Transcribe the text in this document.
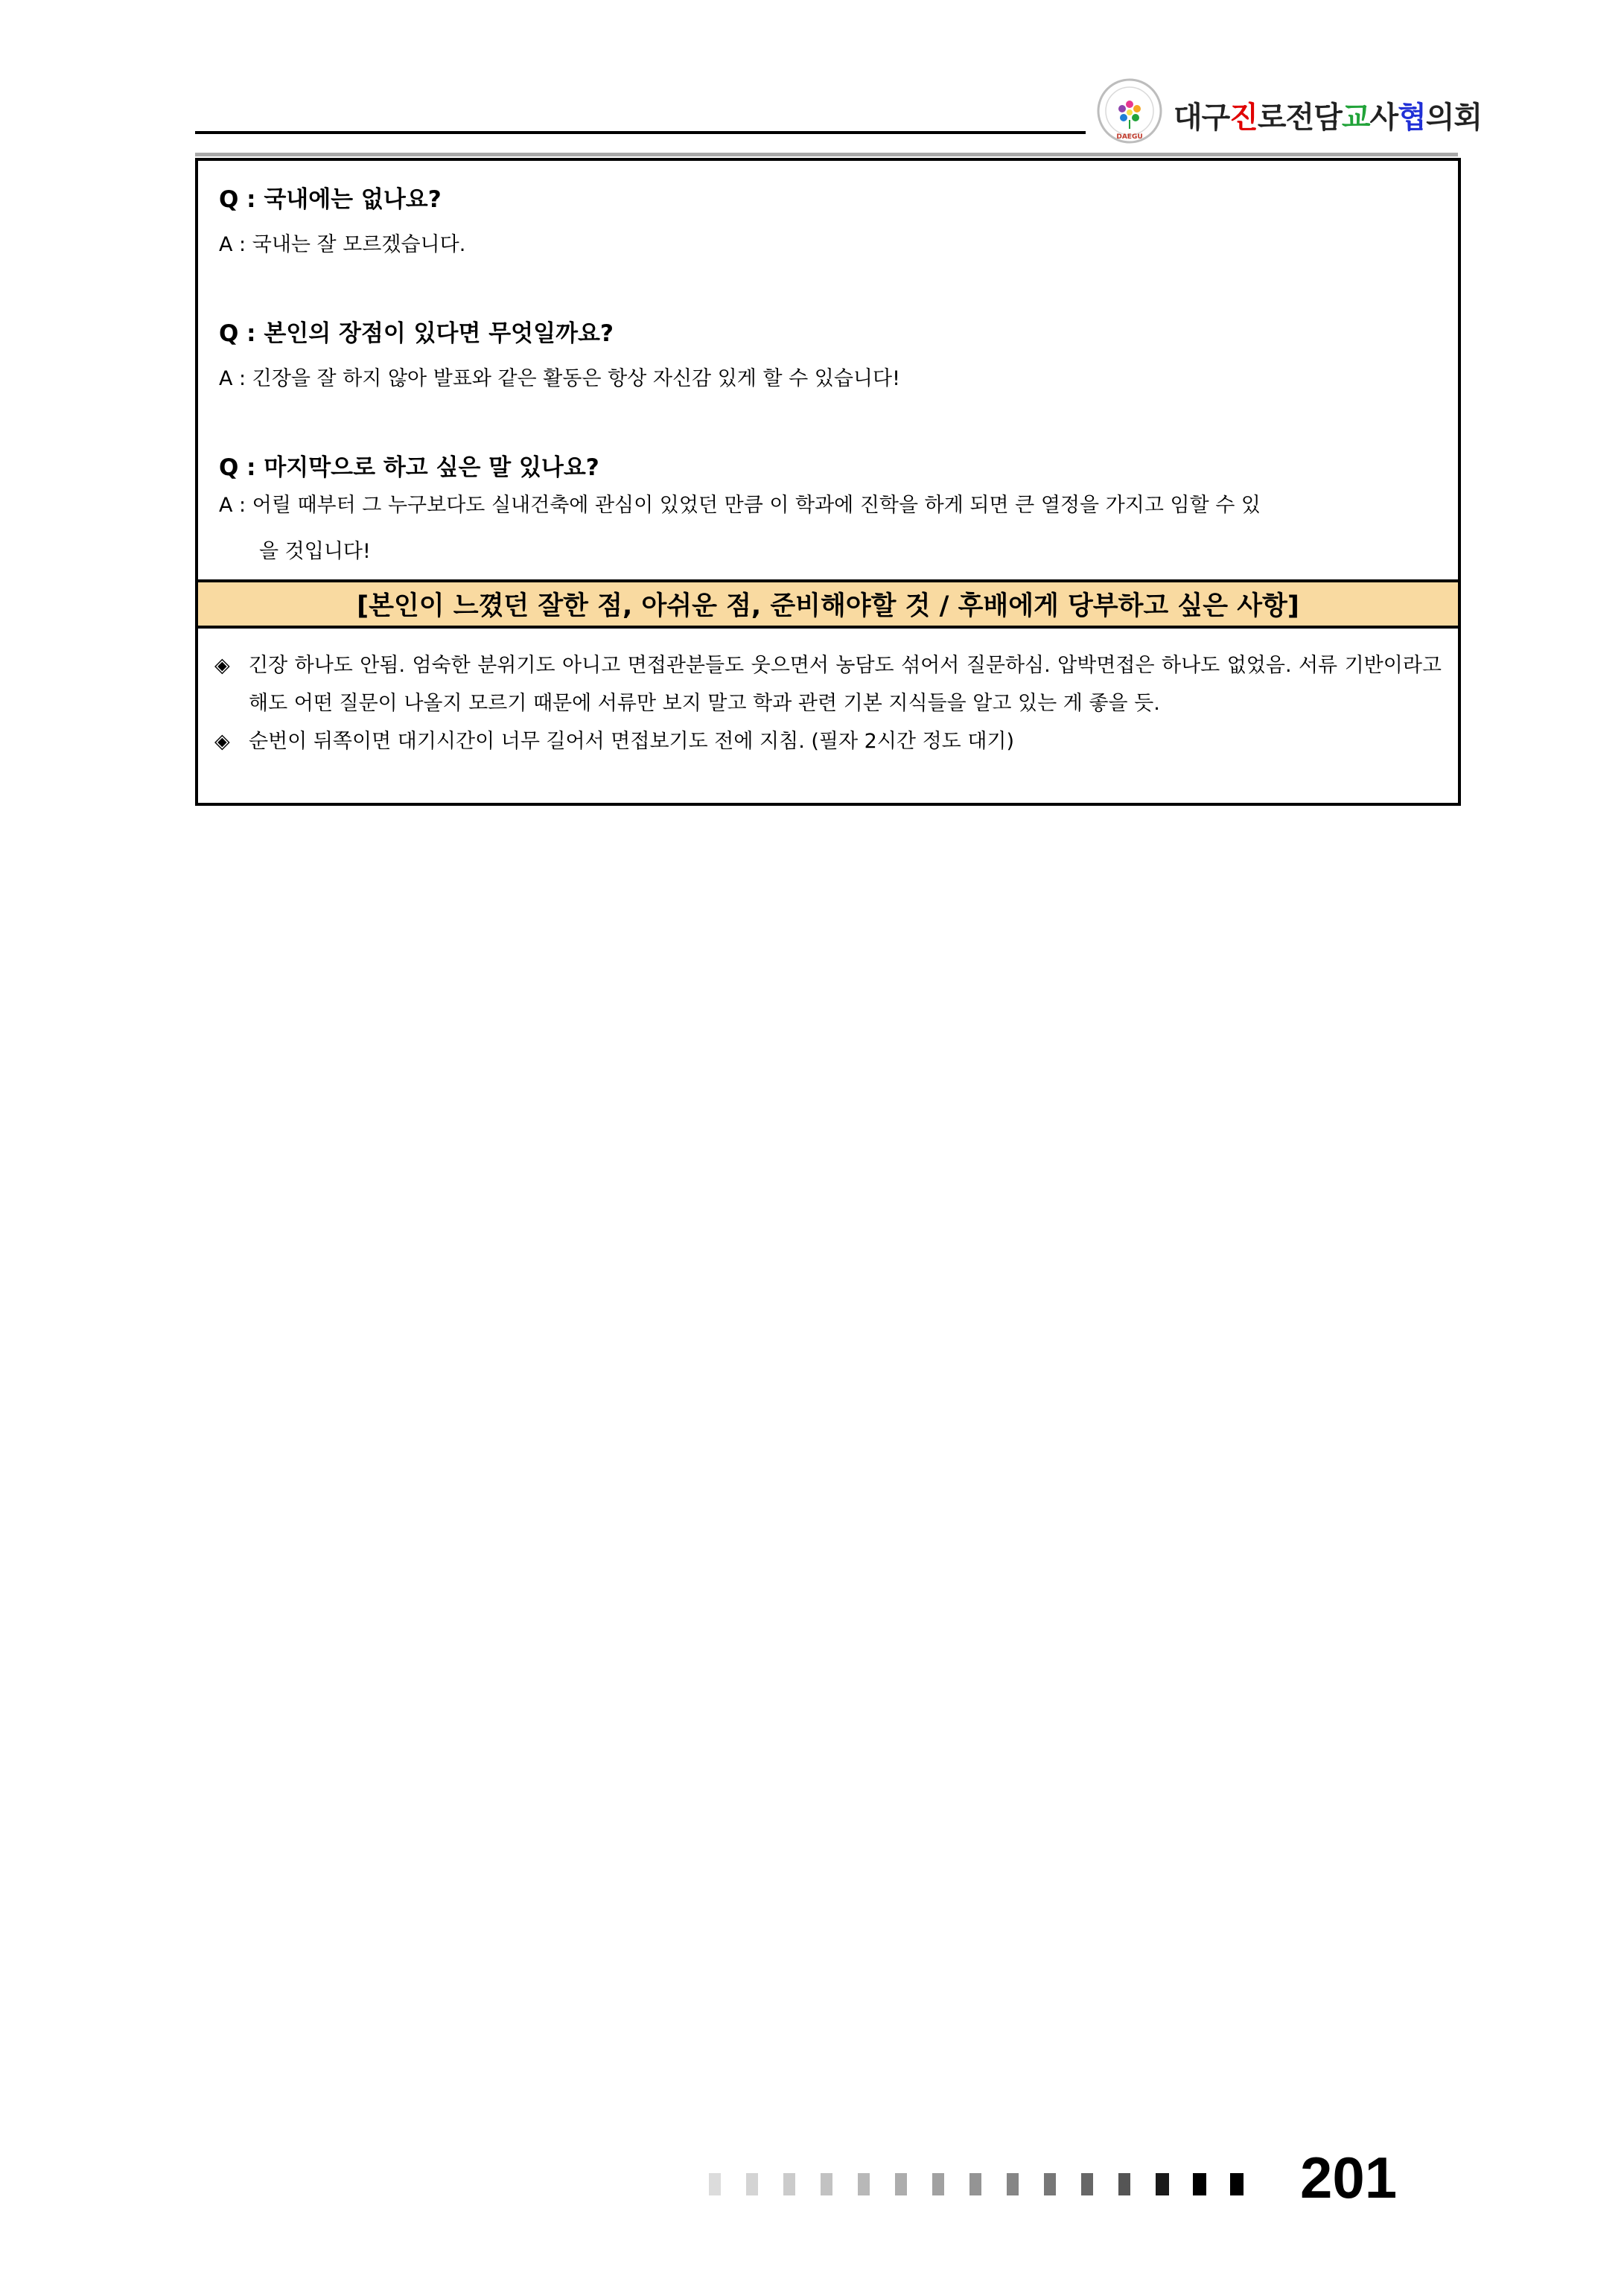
DAEGU
대구진로전담교사협의회
Q : 국내에는 없나요?
A : 국내는 잘 모르겠습니다.
Q : 본인의 장점이 있다면 무엇일까요?
A : 긴장을 잘 하지 않아 발표와 같은 활동은 항상 자신감 있게 할 수 있습니다!
Q : 마지막으로 하고 싶은 말 있나요?
A : 어릴 때부터 그 누구보다도 실내건축에 관심이 있었던 만큼 이 학과에 진학을 하게 되면 큰 열정을 가지고 임할 수 있
을 것입니다!
[본인이 느꼈던 잘한 점, 아쉬운 점, 준비해야할 것 / 후배에게 당부하고 싶은 사항]
◈ 긴장 하나도 안됨. 엄숙한 분위기도 아니고 면접관분들도 웃으면서 농담도 섞어서 질문하심. 압박면접은 하나도 없었음. 서류 기반이라고 해도 어떤 질문이 나올지 모르기 때문에 서류만 보지 말고 학과 관련 기본 지식들을 알고 있는 게 좋을 듯.
◈ 순번이 뒤쪽이면 대기시간이 너무 길어서 면접보기도 전에 지침. (필자 2시간 정도 대기)
201
